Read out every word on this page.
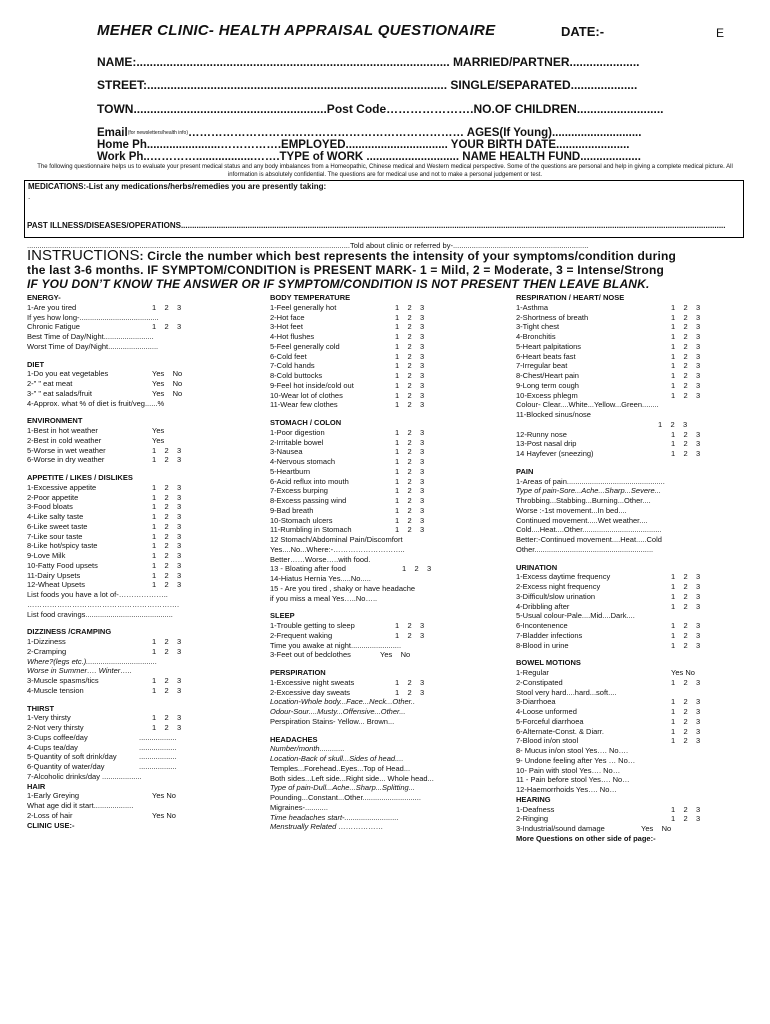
MEHER CLINIC- HEALTH APPRAISAL QUESTIONAIRE	DATE:-	E
NAME:.............................................................................................. MARRIED/PARTNER.....................
STREET:.......................................................................................... SINGLE/SEPARATED....................
TOWN..........................................................Post Code………………….NO.OF CHILDREN..........................
Email(for newsletters/health info)……………………………………………………………… AGES(If Young)............................
Home Ph.......................…………….EMPLOYED................................ YOUR BIRTH DATE.......................
Work Ph..…………..................…….TYPE of WORK ............................. NAME HEALTH FUND...................
The following questionnaire helps us to evaluate your present medical status and any body imbalances from a Homeopathic, Chinese medical and Western medical perspective. Some of the questions are personal and help in giving a complete medical picture. All information is absolutely confidential. The questions are for medical use and not to make a personal judgement or test.
MEDICATIONS:-List any medications/herbs/remedies you are presently taking:
.
PAST ILLNESS/DISEASES/OPERATIONS.....................................................................................................................................................................................................................................................
...........................................................................................................................................................Told about clinic or referred by-.................................................................
INSTRUCTIONS: Circle the number which best represents the intensity of your symptoms/condition during
the last 3-6 months. IF SYMPTOM/CONDITION is PRESENT MARK- 1 = Mild, 2 = Moderate, 3 = Intense/Strong
IF YOU DON’T KNOW THE ANSWER OR IF SYMPTOM/CONDITION IS NOT PRESENT THEN LEAVE BLANK.
ENERGY-
1-Are you tired	1    2    3
If yes how long-......................................
Chronic Fatigue	1    2    3
Best Time of Day/Night........................
Worst Time of Day/Night........................
DIET
1-Do you eat vegetables	Yes    No
2-" " eat meat	Yes    No
3-" " eat salads/fruit	Yes    No
4-Approx. what % of diet is fruit/veg......%
ENVIRONMENT
1-Best in hot weather	Yes
2-Best in cold weather	Yes
5-Worse in wet weather	1    2    3
6-Worse in dry weather	1    2    3
APPETITE / LIKES / DISLIKES
1-Excessive appetite	1    2    3
2-Poor appetite	1    2    3
3-Food bloats	1    2    3
4-Like salty taste	1    2    3
6-Like sweet taste	1    2    3
7-Like sour taste	1    2    3
8-Like hot/spicy taste	1    2    3
9-Love Milk	1    2    3
10-Fatty Food upsets	1    2    3
11-Dairy Upsets	1    2    3
12-Wheat Upsets	1    2    3
List foods you have a lot of-………………..
…………………………………………………….
List food cravings..........................................
DIZZINESS /CRAMPING
1-Dizziness	1    2    3
2-Cramping	1    2    3
Where?(legs etc.)..................................
Worse in Summer…. Winter…..
3-Muscle spasms/tics	1    2    3
4-Muscle tension	1    2    3
THIRST
1-Very thirsty	1    2    3
2-Not very thirsty	1    2    3
3-Cups coffee/day	..................
4-Cups tea/day	..................
5-Quantity of soft drink/day	..................
6-Quantity of water/day	..................
7-Alcoholic drinks/day ...................
HAIR
1-Early Greying	Yes No
What age did it start...................
2-Loss of hair	Yes No
CLINIC USE:-
BODY TEMPERATURE
1-Feel generally hot	1    2    3
2-Hot face	1    2    3
3-Hot feet	1    2    3
4-Hot flushes	1    2    3
5-Feel generally cold	1    2    3
6-Cold feet	1    2    3
7-Cold hands	1    2    3
8-Cold buttocks	1    2    3
9-Feel hot inside/cold out	1    2    3
10-Wear lot of clothes	1    2    3
11-Wear few clothes	1    2    3
STOMACH / COLON
1-Poor digestion	1    2    3
2-Irritable bowel	1    2    3
3-Nausea	1    2    3
4-Nervous stomach	1    2    3
5-Heartburn	1    2    3
6-Acid reflux into mouth	1    2    3
7-Excess burping	1    2    3
8-Excess passing wind	1    2    3
9-Bad breath	1    2    3
10-Stomach ulcers	1    2    3
11-Rumbling in Stomach	1    2    3
12 Stomach/Abdominal Pain/Discomfort
Yes....No...Where:-………………………..
Better……Worse…..with food.
13 - Bloating after food	1    2    3
14-Hiatus Hernia Yes.....No.....
15 - Are you tired , shaky or have headache
if you miss a meal Yes…..No…..
SLEEP
1-Trouble getting to sleep	1    2    3
2-Frequent waking	1    2    3
Time you awake at night........................
3-Feet out of bedclothes	Yes    No
PERSPIRATION
1-Excessive night sweats	1    2    3
2-Excessive day sweats	1    2    3
Location-Whole body...Face...Neck...Other..
Odour-Sour....Musty...Offensive...Other...
Perspiration Stains- Yellow... Brown...
HEADACHES
Number/month............
Location-Back of skull...Sides of head....
Temples...Forehead..Eyes...Top of Head...
Both sides...Left side...Right side... Whole head...
Type of pain-Dull...Ache...Sharp...Splitting...
Pounding...Constant...Other............................
Migraines-...........
Time headaches start-..........................
Menstrually Related ………………
RESPIRATION / HEART/ NOSE
1-Asthma	1    2    3
2-Shortness of breath	1    2    3
3-Tight chest	1    2    3
4-Bronchitis	1    2    3
5-Heart palpitations	1    2    3
6-Heart beats fast	1    2    3
7-Irregular beat	1    2    3
8-Chest/Heart pain	1    2    3
9-Long term cough	1    2    3
10-Excess phlegm	1    2    3
Colour- Clear....White...Yellow...Green........
11-Blocked sinus/nose
1    2    3
12-Runny nose	1    2    3
13-Post nasal drip	1    2    3
14 Hayfever (sneezing)	1    2    3
PAIN
1-Areas of pain...............................................
Type of pain-Sore...Ache...Sharp...Severe...
Throbbing...Stabbing...Burning...Other....
Worse :-1st movement...In bed....
Continued movement.....Wet weather....
Cold....Heat....Other......................................
Better:-Continued movement....Heat.....Cold
Other.........................................................
URINATION
1-Excess daytime frequency	1    2    3
2-Excess night frequency	1    2    3
3-Difficult/slow urination	1    2    3
4-Dribbling after	1    2    3
5-Usual colour-Pale....Mid....Dark....
6-Incontenence	1    2    3
7-Bladder infections	1    2    3
8-Blood in urine	1    2    3
BOWEL MOTIONS
1-Regular	Yes No
2-Constipated	1    2    3
Stool very hard....hard...soft....
3-Diarrhoea	1    2    3
4-Loose unformed	1    2    3
5-Forceful diarrhoea	1    2    3
6-Alternate-Const. & Diarr.	1    2    3
7-Blood in/on stool	1    2    3
8- Mucus in/on stool Yes…. No….
9- Undone feeling after Yes … No…
10- Pain with stool Yes…. No…
11 - Pain before stool Yes…. No…
12-Haemorrhoids Yes…. No…
HEARING
1-Deafness	1    2    3
2-Ringing	1    2    3
3-Industrial/sound damage	Yes    No
More Questions on other side of page:-
